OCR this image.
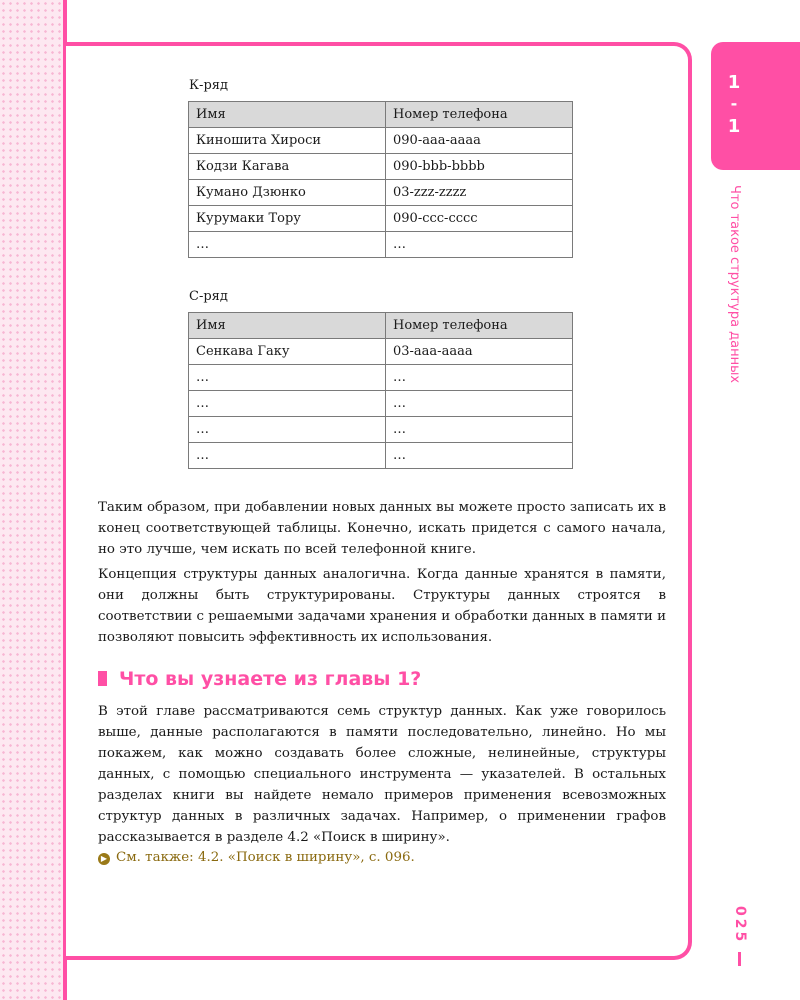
1
-
1
Что такое структура данных
025
К-ряд
Имя	Номер телефона
Киношита Хироси	090-aaa-aaaa
Кодзи Кагава	090-bbb-bbbb
Кумано Дзюнко	03-zzz-zzzz
Курумаки Тору	090-ccc-cccc
…	…
С-ряд
Имя	Номер телефона
Сенкава Гаку	03-aaa-aaaa
…	…
…	…
…	…
…	…

Таким образом, при добавлении новых данных вы можете просто записать их в конец соответствующей таблицы. Конечно, искать придется с самого начала, но это лучше, чем искать по всей телефонной книге.

Концепция структуры данных аналогична. Когда данные хранятся в памяти, они должны быть структурированы. Структуры данных строятся в соответствии с решаемыми задачами хранения и обработки данных в памяти и позволяют повысить эффективность их использования.

Что вы узнаете из главы 1?

В этой главе рассматриваются семь структур данных. Как уже говорилось выше, данные располагаются в памяти последовательно, линейно. Но мы покажем, как можно создавать более сложные, нелинейные, структуры данных, с помощью специального инструмента — указателей. В остальных разделах книги вы найдете немало примеров применения всевозможных структур данных в различных задачах. Например, о применении графов рассказывается в разделе 4.2 «Поиск в ширину».

▶ См. также: 4.2. «Поиск в ширину», с. 096.
